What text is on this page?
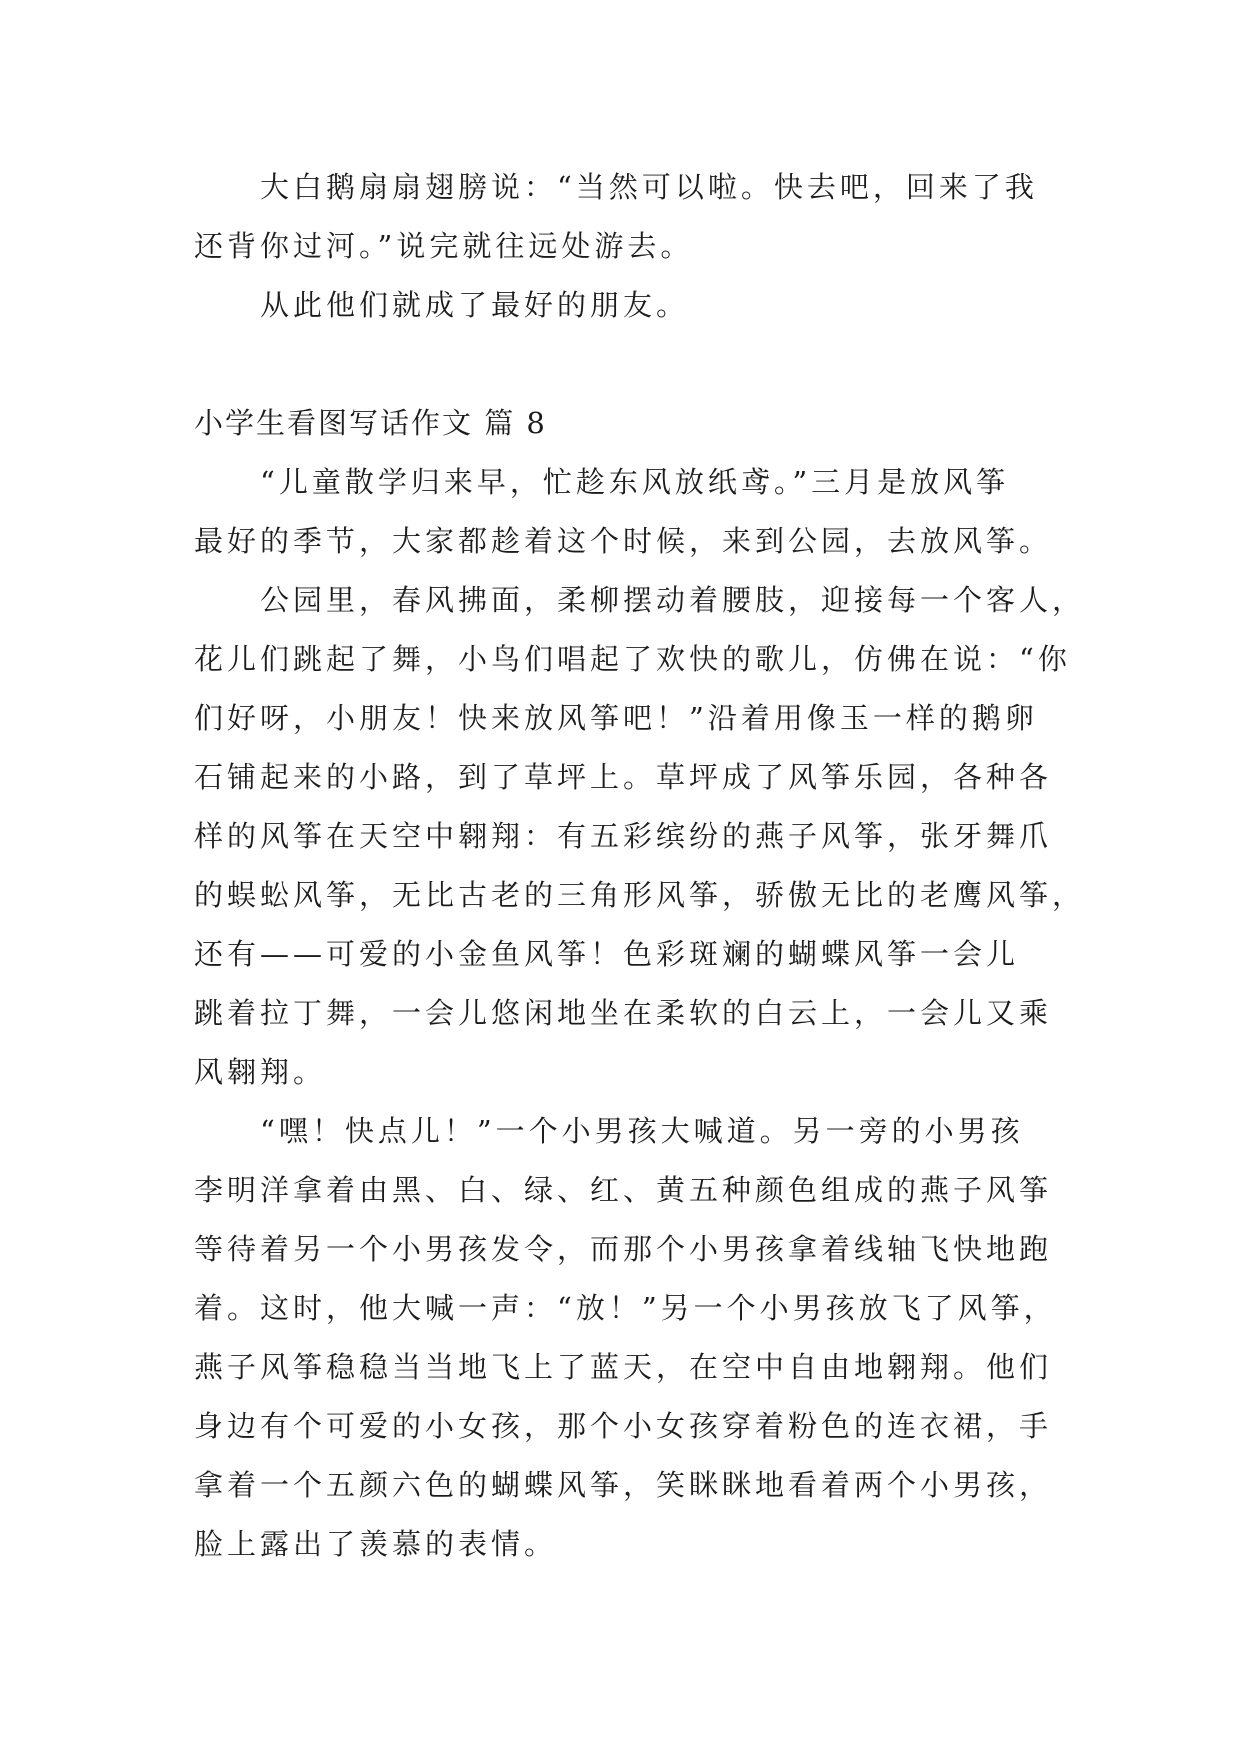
大白鹅扇扇翅膀说：“当然可以啦。快去吧，回来了我
还背你过河。”说完就往远处游去。
从此他们就成了最好的朋友。
小学生看图写话作文 篇 8
“儿童散学归来早，忙趁东风放纸鸢。”三月是放风筝
最好的季节，大家都趁着这个时候，来到公园，去放风筝。
公园里，春风拂面，柔柳摆动着腰肢，迎接每一个客人，
花儿们跳起了舞，小鸟们唱起了欢快的歌儿，仿佛在说：“你
们好呀，小朋友！快来放风筝吧！”沿着用像玉一样的鹅卵
石铺起来的小路，到了草坪上。草坪成了风筝乐园，各种各
样的风筝在天空中翱翔：有五彩缤纷的燕子风筝，张牙舞爪
的蜈蚣风筝，无比古老的三角形风筝，骄傲无比的老鹰风筝，
还有——可爱的小金鱼风筝！色彩斑斓的蝴蝶风筝一会儿
跳着拉丁舞，一会儿悠闲地坐在柔软的白云上，一会儿又乘
风翱翔。
“嘿！快点儿！”一个小男孩大喊道。另一旁的小男孩
李明洋拿着由黑、白、绿、红、黄五种颜色组成的燕子风筝
等待着另一个小男孩发令，而那个小男孩拿着线轴飞快地跑
着。这时，他大喊一声：“放！”另一个小男孩放飞了风筝，
燕子风筝稳稳当当地飞上了蓝天，在空中自由地翱翔。他们
身边有个可爱的小女孩，那个小女孩穿着粉色的连衣裙，手
拿着一个五颜六色的蝴蝶风筝，笑眯眯地看着两个小男孩，
脸上露出了羡慕的表情。
